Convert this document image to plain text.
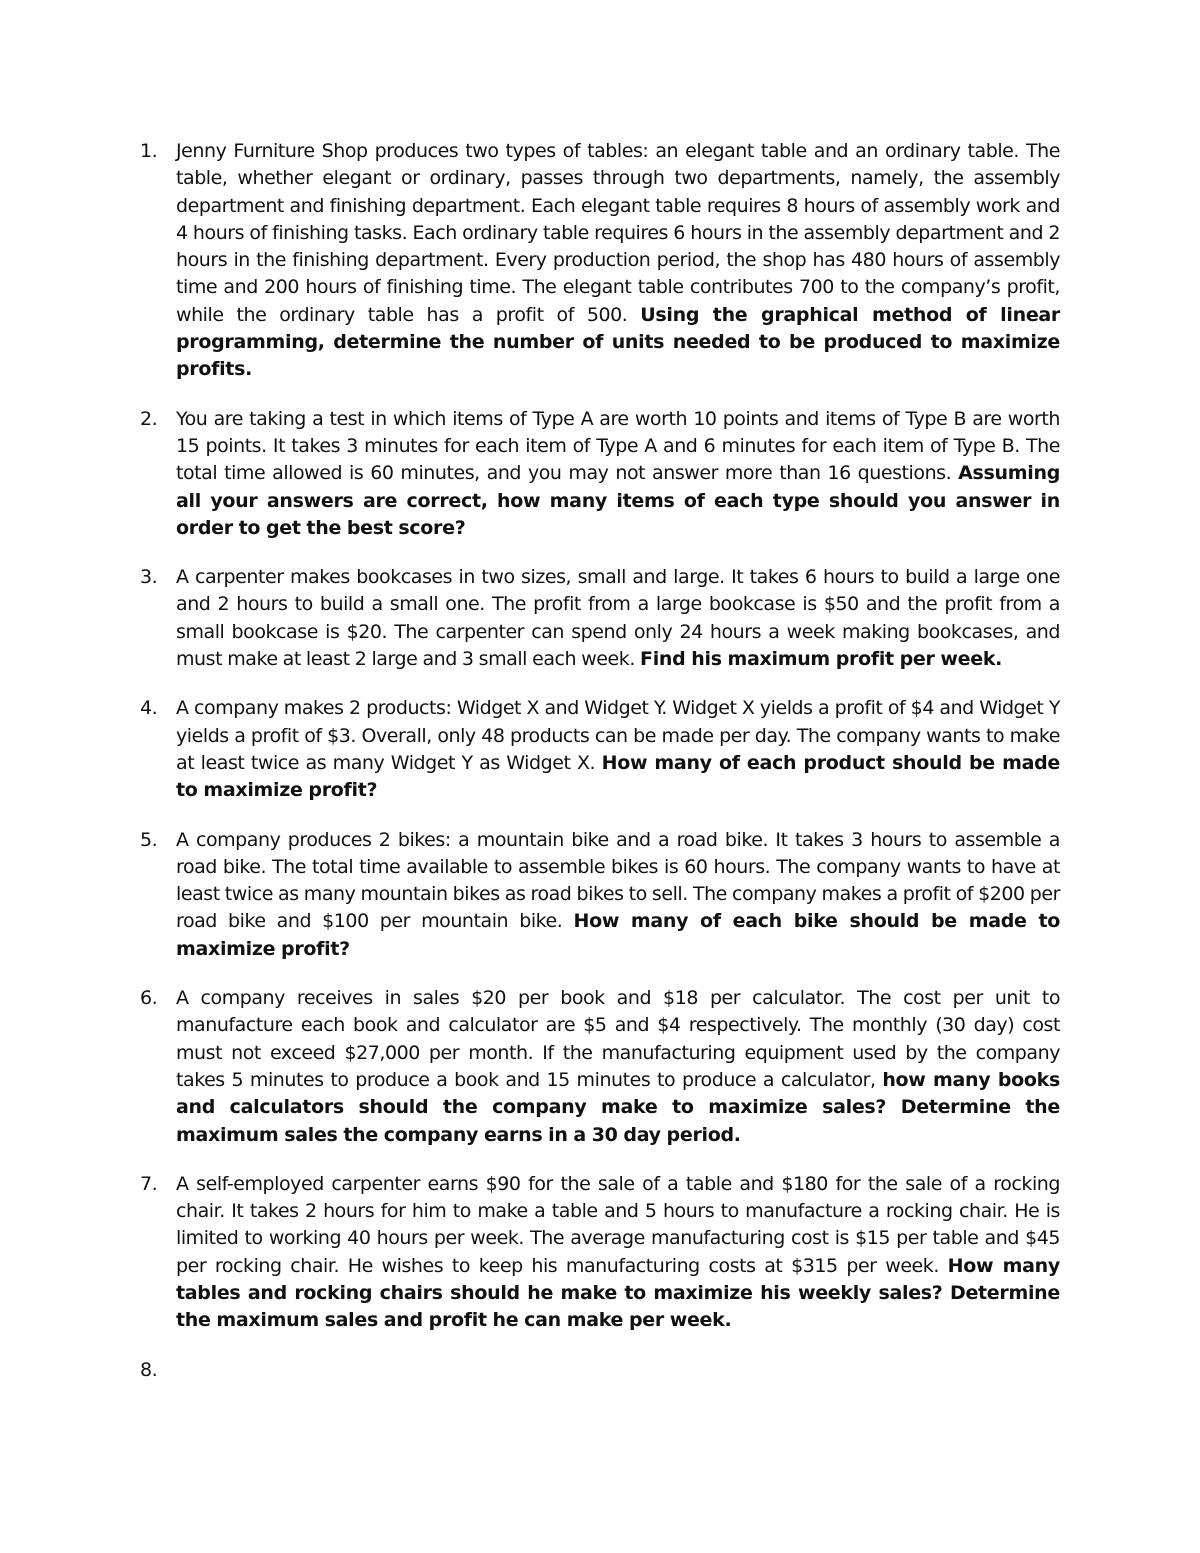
1. Jenny Furniture Shop produces two types of tables: an elegant table and an ordinary table. The table, whether elegant or ordinary, passes through two departments, namely, the assembly department and finishing department. Each elegant table requires 8 hours of assembly work and 4 hours of finishing tasks. Each ordinary table requires 6 hours in the assembly department and 2 hours in the finishing department. Every production period, the shop has 480 hours of assembly time and 200 hours of finishing time. The elegant table contributes 700 to the company’s profit, while the ordinary table has a profit of 500. Using the graphical method of linear programming, determine the number of units needed to be produced to maximize profits.
2. You are taking a test in which items of Type A are worth 10 points and items of Type B are worth 15 points. It takes 3 minutes for each item of Type A and 6 minutes for each item of Type B. The total time allowed is 60 minutes, and you may not answer more than 16 questions. Assuming all your answers are correct, how many items of each type should you answer in order to get the best score?
3. A carpenter makes bookcases in two sizes, small and large. It takes 6 hours to build a large one and 2 hours to build a small one. The profit from a large bookcase is $50 and the profit from a small bookcase is $20. The carpenter can spend only 24 hours a week making bookcases, and must make at least 2 large and 3 small each week. Find his maximum profit per week.
4. A company makes 2 products: Widget X and Widget Y. Widget X yields a profit of $4 and Widget Y yields a profit of $3. Overall, only 48 products can be made per day. The company wants to make at least twice as many Widget Y as Widget X. How many of each product should be made to maximize profit?
5. A company produces 2 bikes: a mountain bike and a road bike. It takes 3 hours to assemble a road bike. The total time available to assemble bikes is 60 hours. The company wants to have at least twice as many mountain bikes as road bikes to sell. The company makes a profit of $200 per road bike and $100 per mountain bike. How many of each bike should be made to maximize profit?
6. A company receives in sales $20 per book and $18 per calculator. The cost per unit to manufacture each book and calculator are $5 and $4 respectively. The monthly (30 day) cost must not exceed $27,000 per month. If the manufacturing equipment used by the company takes 5 minutes to produce a book and 15 minutes to produce a calculator, how many books and calculators should the company make to maximize sales? Determine the maximum sales the company earns in a 30 day period.
7. A self-employed carpenter earns $90 for the sale of a table and $180 for the sale of a rocking chair. It takes 2 hours for him to make a table and 5 hours to manufacture a rocking chair. He is limited to working 40 hours per week. The average manufacturing cost is $15 per table and $45 per rocking chair. He wishes to keep his manufacturing costs at $315 per week. How many tables and rocking chairs should he make to maximize his weekly sales? Determine the maximum sales and profit he can make per week.
8.
